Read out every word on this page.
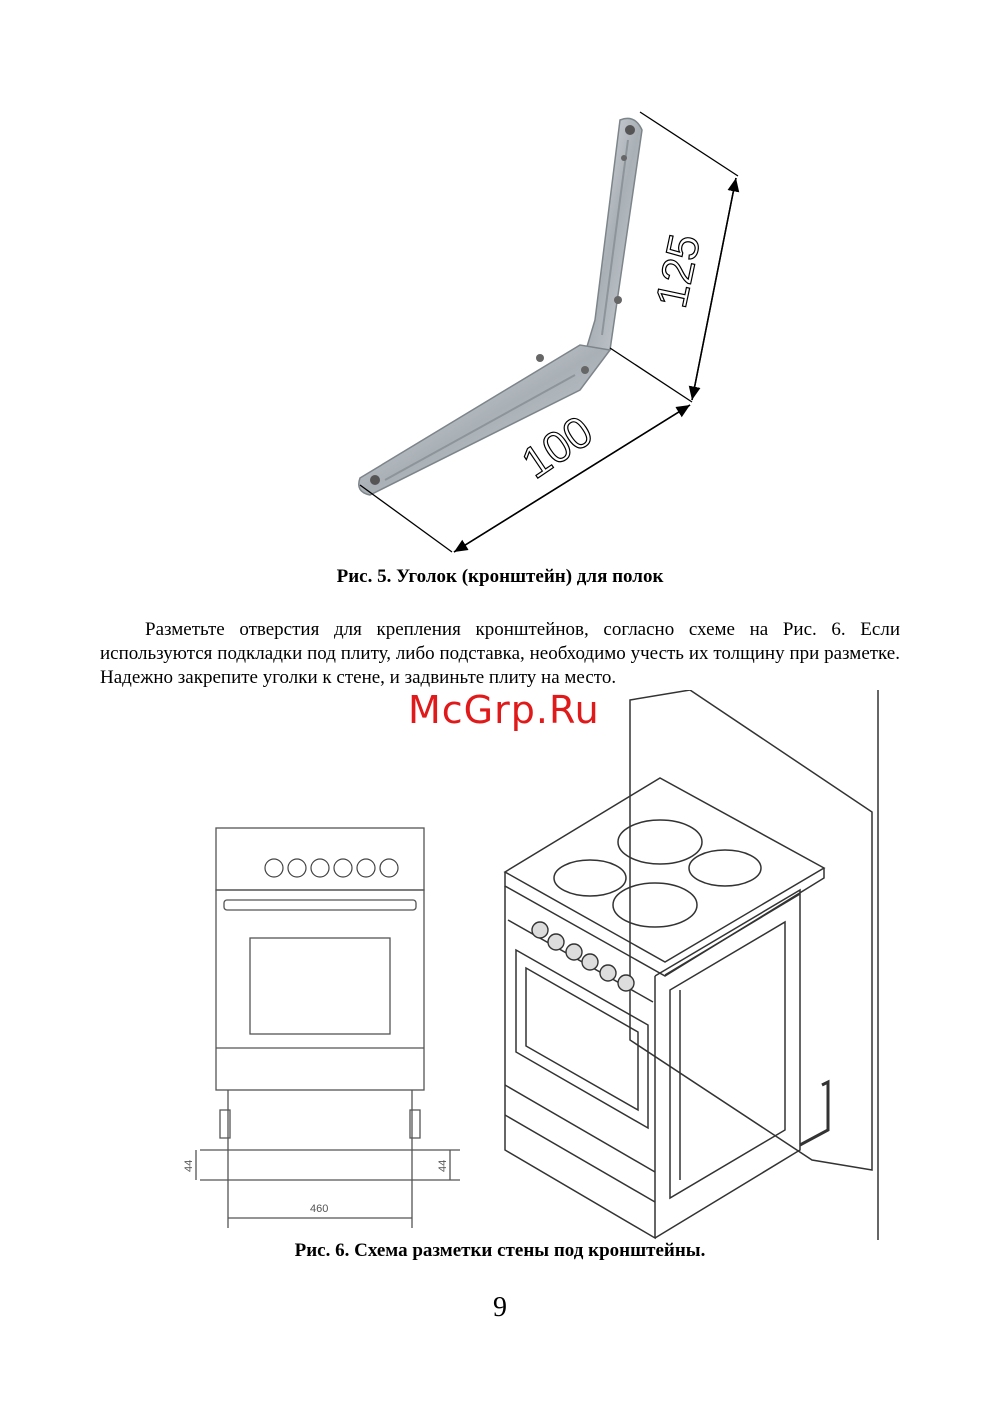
125
100
Рис. 5. Уголок (кронштейн) для полок

Разметьте отверстия для крепления кронштейнов, согласно схеме на Рис. 6. Если используются подкладки под плиту, либо подставка, необходимо учесть их толщину при разметке. Надежно закрепите уголки к стене, и задвиньте плиту на место.

McGrp.Ru
44	44
460
Рис. 6. Схема разметки стены под кронштейны.
9
